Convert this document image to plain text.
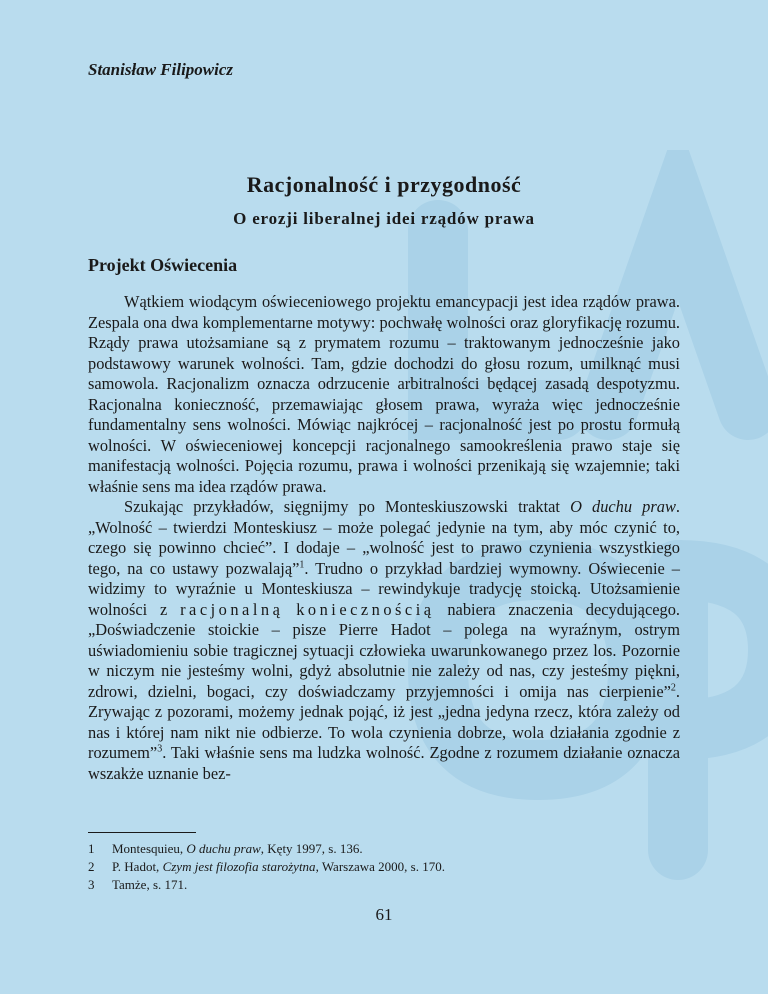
Stanisław Filipowicz
Racjonalność i przygodność
O erozji liberalnej idei rządów prawa
Projekt Oświecenia

Wątkiem wiodącym oświeceniowego projektu emancypacji jest idea rządów prawa. Zespala ona dwa komplementarne motywy: pochwałę wolności oraz gloryfikację rozumu. Rządy prawa utożsamiane są z prymatem rozumu – traktowanym jednocześnie jako podstawowy warunek wolności. Tam, gdzie dochodzi do głosu rozum, umilknąć musi samowola. Racjonalizm oznacza odrzucenie arbitralności będącej zasadą despotyzmu. Racjonalna konieczność, przemawiając głosem prawa, wyraża więc jednocześnie fundamentalny sens wolności. Mówiąc najkrócej – racjonalność jest po prostu formułą wolności. W oświeceniowej koncepcji racjonalnego samookreślenia prawo staje się manifestacją wolności. Pojęcia rozumu, prawa i wolności przenikają się wzajemnie; taki właśnie sens ma idea rządów prawa.

Szukając przykładów, sięgnijmy po Monteskiuszowski traktat O duchu praw. „Wolność – twierdzi Monteskiusz – może polegać jedynie na tym, aby móc czynić to, czego się powinno chcieć”. I dodaje – „wolność jest to prawo czynienia wszystkiego tego, na co ustawy pozwalają”$^1$. Trudno o przykład bardziej wymowny. Oświecenie – widzimy to wyraźnie u Monteskiusza – rewindykuje tradycję stoicką. Utożsamienie wolności z racjonalną koniecznością nabiera znaczenia decydującego. „Doświadczenie stoickie – pisze Pierre Hadot – polega na wyraźnym, ostrym uświadomieniu sobie tragicznej sytuacji człowieka uwarunkowanego przez los. Pozornie w niczym nie jesteśmy wolni, gdyż absolutnie nie zależy od nas, czy jesteśmy piękni, zdrowi, dzielni, bogaci, czy doświadczamy przyjemności i omija nas cierpienie”$^2$. Zrywając z pozorami, możemy jednak pojąć, iż jest „jedna jedyna rzecz, która zależy od nas i której nam nikt nie odbierze. To wola czynienia dobrze, wola działania zgodnie z rozumem”$^3$. Taki właśnie sens ma ludzka wolność. Zgodne z rozumem działanie oznacza wszakże uznanie bez-

1	Montesquieu, O duchu praw, Kęty 1997, s. 136.
2	P. Hadot, Czym jest filozofia starożytna, Warszawa 2000, s. 170.
3	Tamże, s. 171.
61
